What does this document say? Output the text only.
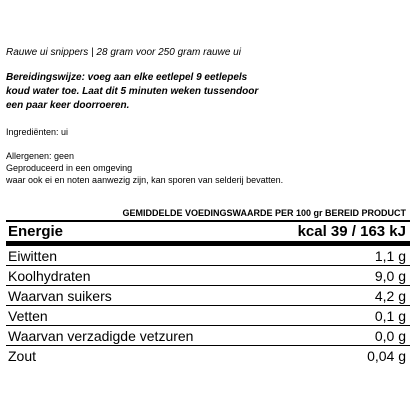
Rauwe ui snippers | 28 gram voor 250 gram rauwe ui
Bereidingswijze: voeg aan elke eetlepel 9 eetlepels
koud water toe. Laat dit 5 minuten weken tussendoor
een paar keer doorroeren.
Ingrediënten: ui
Allergenen: geen
Geproduceerd in een omgeving
waar ook ei en noten aanwezig zijn, kan sporen van selderij bevatten.
GEMIDDELDE VOEDINGSWAARDE PER 100 gr BEREID PRODUCT
Energie	kcal 39 / 163 kJ
Eiwitten	1,1 g
Koolhydraten	9,0 g
Waarvan suikers	4,2 g
Vetten	0,1 g
Waarvan verzadigde vetzuren	0,0 g
Zout	0,04 g
